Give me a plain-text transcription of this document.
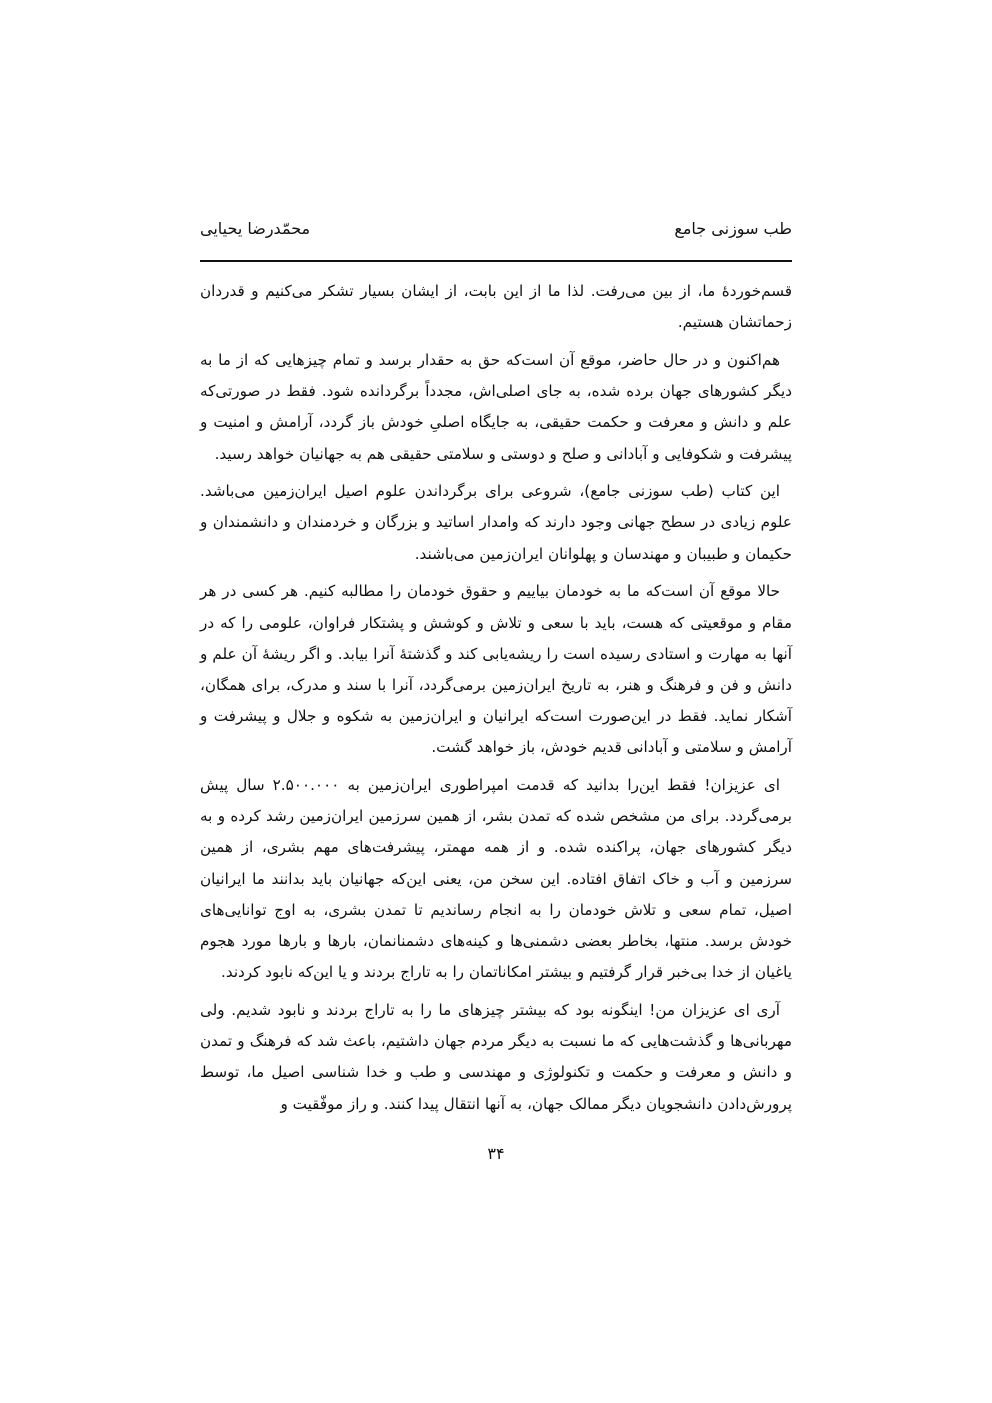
طب سوزنی جامع
محمّدرضا یحیایی

قسم‌خوردهٔ ما، از بین می‌رفت. لذا ما از این بابت، از ایشان بسیار تشکر می‌کنیم و قدردان زحماتشان هستیم.

هم‌اکنون و در حال حاضر، موقع آن است‌که حق به حقدار برسد و تمام چیزهایی که از ما به دیگر کشورهای جهان برده شده، به جای اصلی‌اش، مجدداً برگردانده شود. فقط در صورتی‌که علم و دانش و معرفت و حکمت حقیقی، به جایگاه اصلیِ خودش باز گردد، آرامش و امنیت و پیشرفت و شکوفایی و آبادانی و صلح و دوستی و سلامتی حقیقی هم به جهانیان خواهد رسید.

این کتاب (طب سوزنی جامع)، شروعی برای برگرداندن علوم اصیل ایران‌زمین می‌باشد. علوم زیادی در سطح جهانی وجود دارند که وامدار اساتید و بزرگان و خردمندان و دانشمندان و حکیمان و طبیبان و مهندسان و پهلوانان ایران‌زمین می‌باشند.

حالا موقع آن است‌که ما به خودمان بیاییم و حقوق خودمان را مطالبه کنیم. هر کسی در هر مقام و موقعیتی که هست، باید با سعی و تلاش و کوشش و پشتکار فراوان، علومی را که در آنها به مهارت و استادی رسیده است را ریشه‌یابی کند و گذشتهٔ آنرا بیابد. و اگر ریشهٔ آن علم و دانش و فن و فرهنگ و هنر، به تاریخ ایران‌زمین برمی‌گردد، آنرا با سند و مدرک، برای همگان، آشکار نماید. فقط در این‌صورت است‌که ایرانیان و ایران‌زمین به شکوه و جلال و پیشرفت و آرامش و سلامتی و آبادانی قدیم خودش، باز خواهد گشت.

ای عزیزان! فقط این‌را بدانید که قدمت امپراطوری ایران‌زمین به ۲.۵۰۰.۰۰۰ سال پیش برمی‌گردد. برای من مشخص شده که تمدن بشر، از همین سرزمین ایران‌زمین رشد کرده و به دیگر کشورهای جهان، پراکنده شده. و از همه مهمتر، پیشرفت‌های مهم بشری، از همین سرزمین و آب و خاک اتفاق افتاده. این سخن من، یعنی این‌که جهانیان باید بدانند ما ایرانیان اصیل، تمام سعی و تلاش خودمان را به انجام رساندیم تا تمدن بشری، به اوج توانایی‌های خودش برسد. منتها، بخاطر بعضی دشمنی‌ها و کینه‌های دشمنانمان، بارها و بارها مورد هجوم یاغیان از خدا بی‌خبر قرار گرفتیم و بیشتر امکاناتمان را به تاراج بردند و یا این‌که نابود کردند.

آری ای عزیزان من! اینگونه بود که بیشتر چیزهای ما را به تاراج بردند و نابود شدیم. ولی مهربانی‌ها و گذشت‌هایی که ما نسبت به دیگر مردم جهان داشتیم، باعث شد که فرهنگ و تمدن و دانش و معرفت و حکمت و تکنولوژی و مهندسی و طب و خدا شناسی اصیل ما، توسط پرورش‌دادن دانشجویان دیگر ممالک جهان، به آنها انتقال پیدا کنند. و راز موفّقیت و

۳۴
